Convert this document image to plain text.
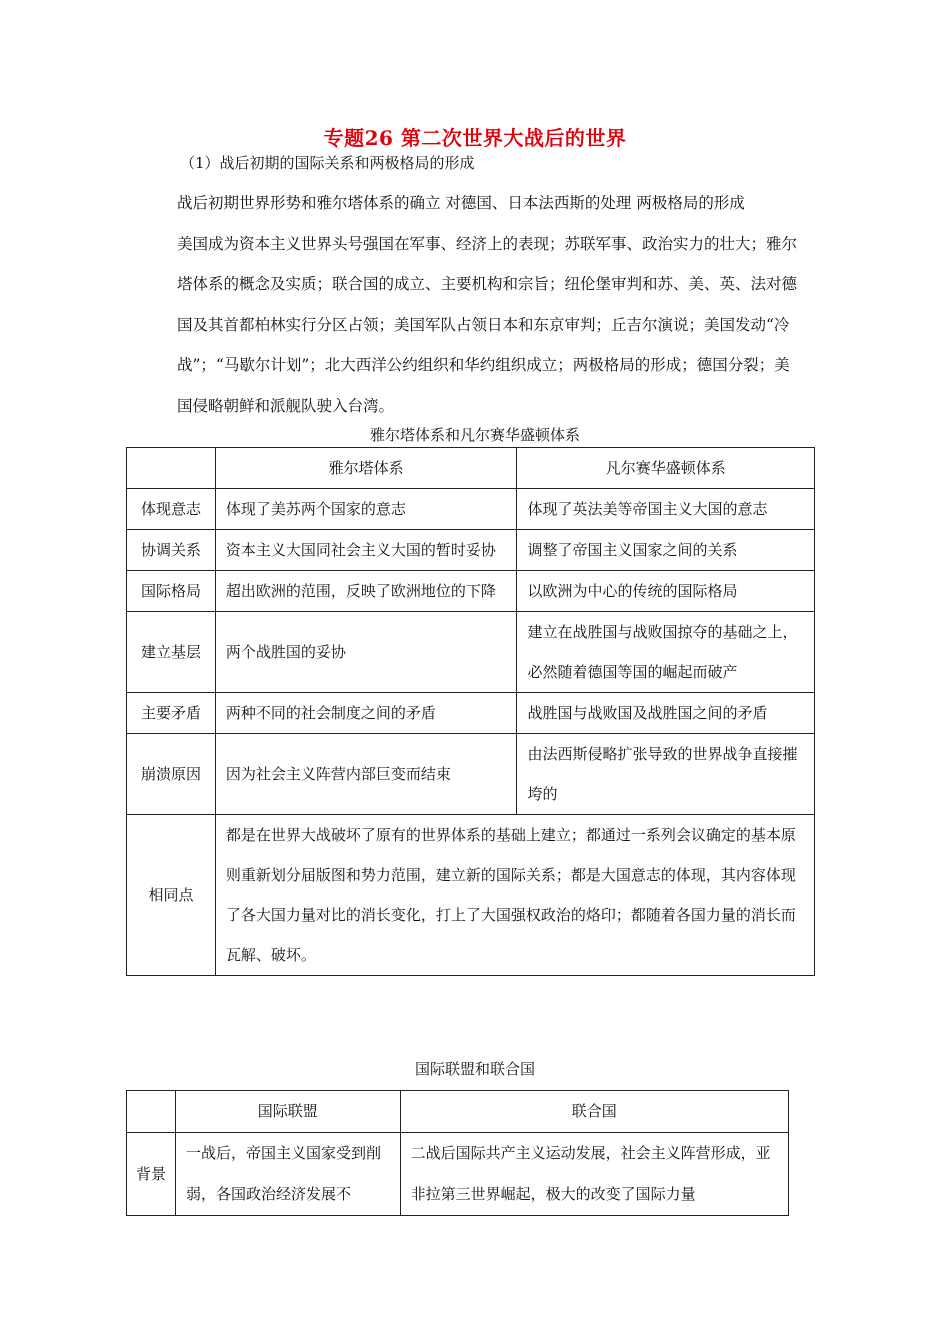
专题26 第二次世界大战后的世界
（1）战后初期的国际关系和两极格局的形成

战后初期世界形势和雅尔塔体系的确立 对德国、日本法西斯的处理 两极格局的形成

美国成为资本主义世界头号强国在军事、经济上的表现；苏联军事、政治实力的壮大；雅尔塔体系的概念及实质；联合国的成立、主要机构和宗旨；纽伦堡审判和苏、美、英、法对德国及其首都柏林实行分区占领；美国军队占领日本和东京审判；丘吉尔演说；美国发动“冷战”；“马歇尔计划”；北大西洋公约组织和华约组织成立；两极格局的形成；德国分裂；美国侵略朝鲜和派舰队驶入台湾。

雅尔塔体系和凡尔赛华盛顿体系
	雅尔塔体系	凡尔赛华盛顿体系
体现意志	体现了美苏两个国家的意志	体现了英法美等帝国主义大国的意志
协调关系	资本主义大国同社会主义大国的暂时妥协	调整了帝国主义国家之间的关系
国际格局	超出欧洲的范围，反映了欧洲地位的下降	以欧洲为中心的传统的国际格局
建立基层	两个战胜国的妥协	建立在战胜国与战败国掠夺的基础之上，必然随着德国等国的崛起而破产
主要矛盾	两种不同的社会制度之间的矛盾	战胜国与战败国及战胜国之间的矛盾
崩溃原因	因为社会主义阵营内部巨变而结束	由法西斯侵略扩张导致的世界战争直接摧垮的
相同点	都是在世界大战破坏了原有的世界体系的基础上建立；都通过一系列会议确定的基本原则重新划分届版图和势力范围，建立新的国际关系；都是大国意志的体现，其内容体现了各大国力量对比的消长变化，打上了大国强权政治的烙印；都随着各国力量的消长而瓦解、破坏。	
国际联盟和联合国
	国际联盟	联合国
背景	一战后，帝国主义国家受到削弱，各国政治经济发展不	二战后国际共产主义运动发展，社会主义阵营形成，亚非拉第三世界崛起，极大的改变了国际力量
